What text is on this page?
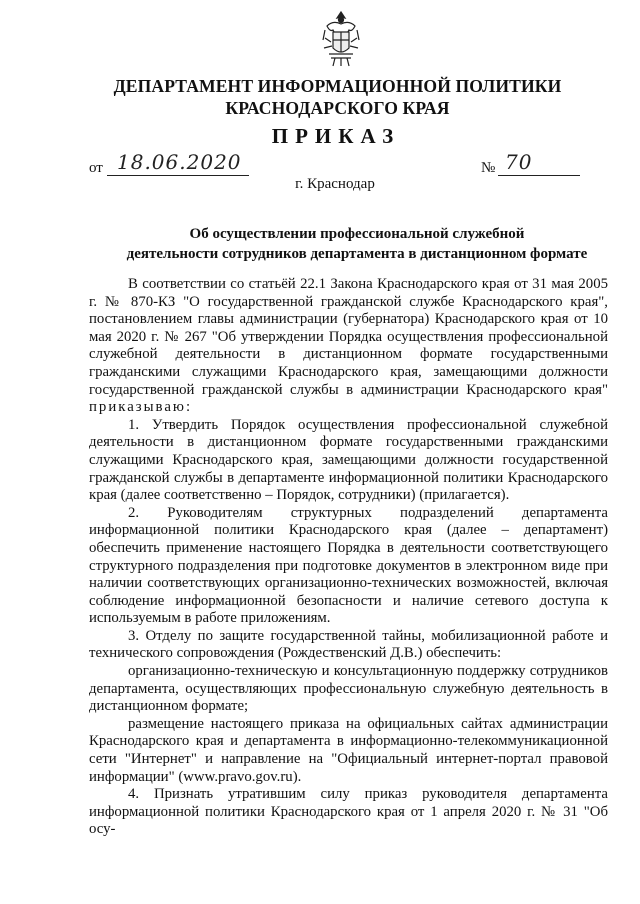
ДЕПАРТАМЕНТ ИНФОРМАЦИОННОЙ ПОЛИТИКИ
КРАСНОДАРСКОГО КРАЯ
ПРИКАЗ
от 18.06.2020	№ 70
г. Краснодар
Об осуществлении профессиональной служебной
деятельности сотрудников департамента в дистанционном формате

В соответствии со статьёй 22.1 Закона Краснодарского края от 31 мая 2005 г. № 870-КЗ "О государственной гражданской службе Краснодарского края", постановлением главы администрации (губернатора) Краснодарского края от 10 мая 2020 г. № 267 "Об утверждении Порядка осуществления профессиональной служебной деятельности в дистанционном формате государственными гражданскими служащими Краснодарского края, замещающими должности государственной гражданской службы в администрации Краснодарского края" приказываю:

1. Утвердить Порядок осуществления профессиональной служебной деятельности в дистанционном формате государственными гражданскими служащими Краснодарского края, замещающими должности государственной гражданской службы в департаменте информационной политики Краснодарского края (далее соответственно – Порядок, сотрудники) (прилагается).

2. Руководителям структурных подразделений департамента информационной политики Краснодарского края (далее – департамент) обеспечить применение настоящего Порядка в деятельности соответствующего структурного подразделения при подготовке документов в электронном виде при наличии соответствующих организационно-технических возможностей, включая соблюдение информационной безопасности и наличие сетевого доступа к используемым в работе приложениям.

3. Отделу по защите государственной тайны, мобилизационной работе и технического сопровождения (Рождественский Д.В.) обеспечить:

организационно-техническую и консультационную поддержку сотрудников департамента, осуществляющих профессиональную служебную деятельность в дистанционном формате;

размещение настоящего приказа на официальных сайтах администрации Краснодарского края и департамента в информационно-телекоммуникационной сети "Интернет" и направление на "Официальный интернет-портал правовой информации" (www.pravo.gov.ru).

4. Признать утратившим силу приказ руководителя департамента информационной политики Краснодарского края от 1 апреля 2020 г. № 31 "Об осу-
